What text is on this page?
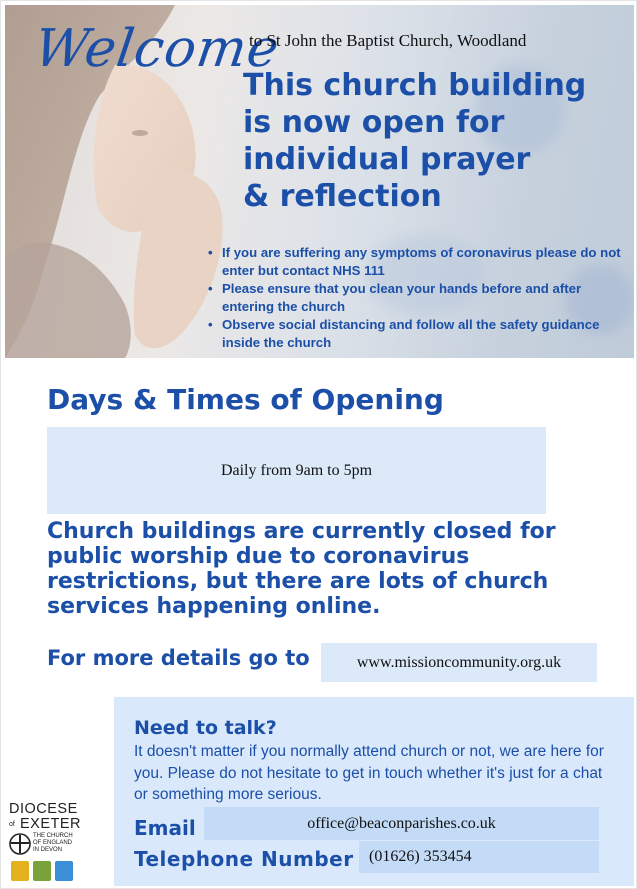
Welcome
to St John the Baptist Church, Woodland
This church building
is now open for
individual prayer
& reflection
• If you are suffering any symptoms of coronavirus please do not enter but contact NHS 111
• Please ensure that you clean your hands before and after entering the church
• Observe social distancing and follow all the safety guidance inside the church
Days & Times of Opening
Daily from 9am to 5pm
Church buildings are currently closed for public worship due to coronavirus restrictions, but there are lots of church services happening online.
For more details go to	www.missioncommunity.org.uk
Need to talk?
It doesn't matter if you normally attend church or not, we are here for you. Please do not hesitate to get in touch whether it's just for a chat or something more serious.
Email	office@beaconparishes.co.uk
Telephone Number (01626) 353454
DIOCESE
of EXETER
THE CHURCH
OF ENGLAND
IN DEVON
